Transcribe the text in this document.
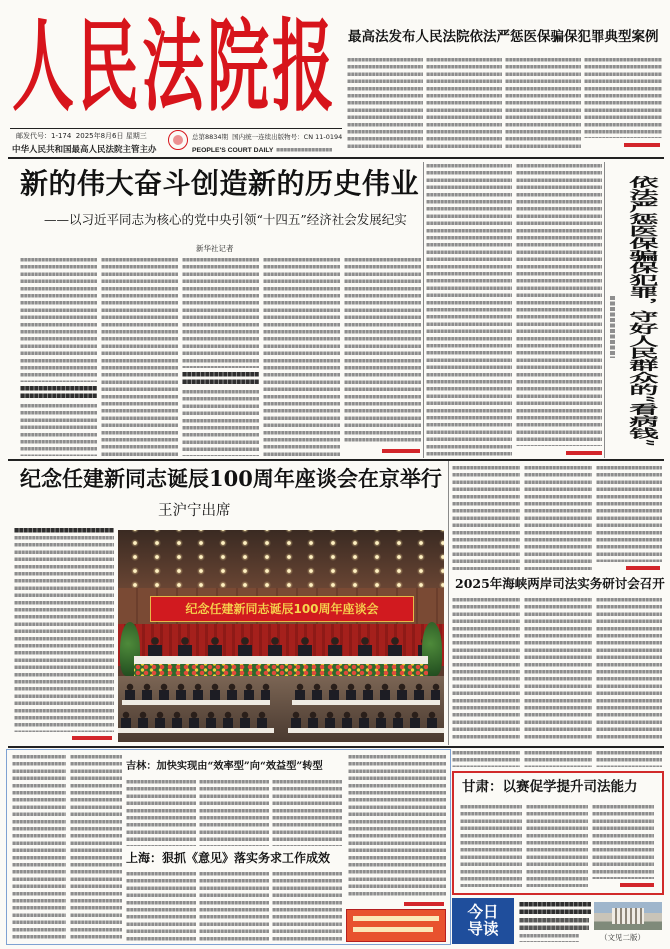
人民法院报
邮发代号：1-174  2025年8月6日 星期三	总第8834期  国内统一连续出版物号：CN 11-0194
中华人民共和国最高人民法院主管主办	PEOPLE'S COURT DAILY
最高法发布人民法院依法严惩医保骗保犯罪典型案例
新的伟大奋斗创造新的历史伟业
——以习近平同志为核心的党中央引领“十四五”经济社会发展纪实
新华社记者	依法严惩医保骗保犯罪，守好人民群众的“看病钱”
纪念任建新同志诞辰100周年座谈会在京举行
王沪宁出席
纪念任建新同志诞辰100周年座谈会
2025年海峡两岸司法实务研讨会召开
吉林：加快实现由“效率型”向“效益型”转型
上海：狠抓《意见》落实务求工作成效
甘肃：以赛促学提升司法能力
今日导读	（文见二版）
